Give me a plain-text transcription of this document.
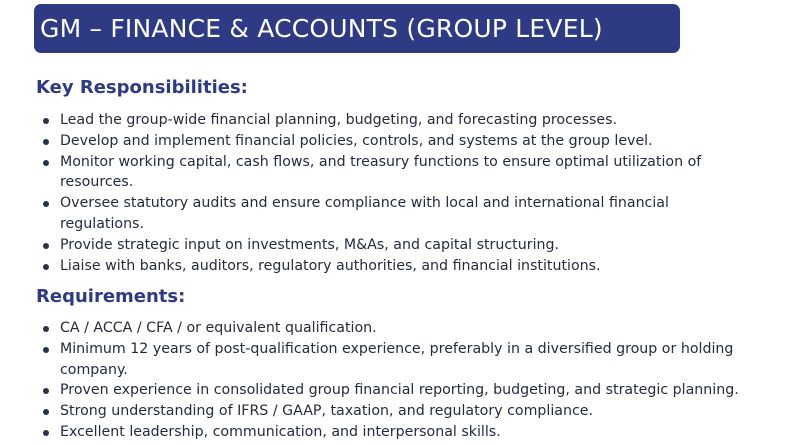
GM – FINANCE & ACCOUNTS (GROUP LEVEL)
Key Responsibilities:
Lead the group-wide financial planning, budgeting, and forecasting processes.
Develop and implement financial policies, controls, and systems at the group level.
Monitor working capital, cash flows, and treasury functions to ensure optimal utilization of
resources.
Oversee statutory audits and ensure compliance with local and international financial
regulations.
Provide strategic input on investments, M&As, and capital structuring.
Liaise with banks, auditors, regulatory authorities, and financial institutions.
Requirements:
CA / ACCA / CFA / or equivalent qualification.
Minimum 12 years of post-qualification experience, preferably in a diversified group or holding
company.
Proven experience in consolidated group financial reporting, budgeting, and strategic planning.
Strong understanding of IFRS / GAAP, taxation, and regulatory compliance.
Excellent leadership, communication, and interpersonal skills.
